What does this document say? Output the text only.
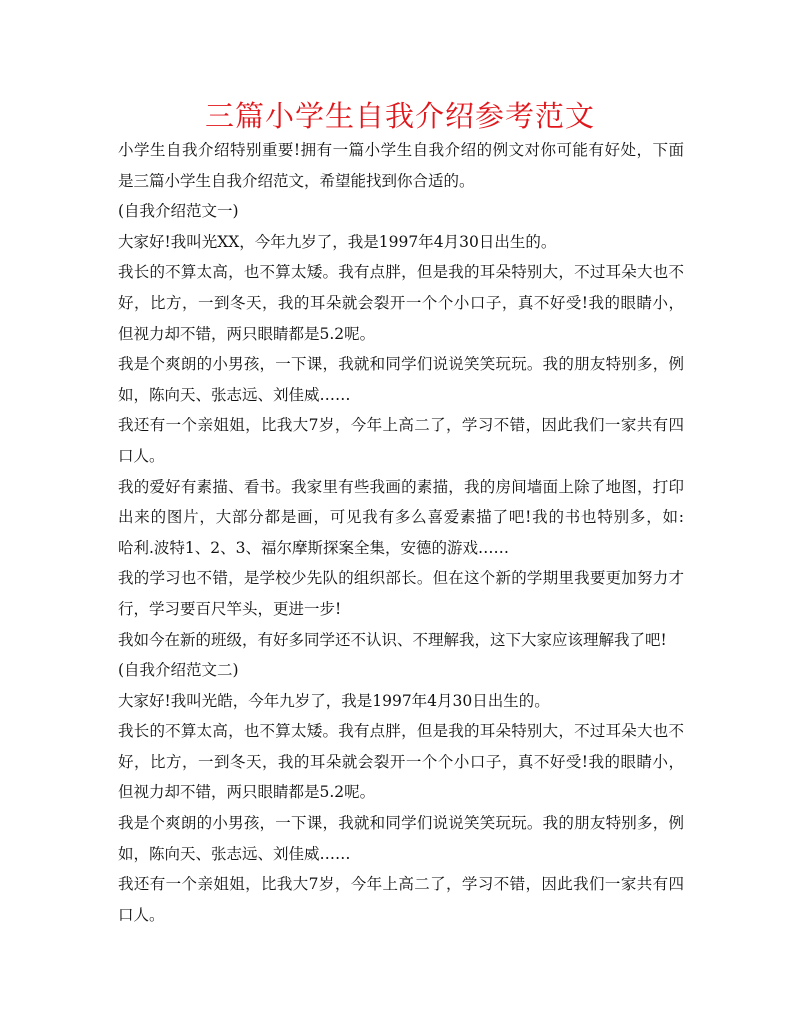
三篇小学生自我介绍参考范文

小学生自我介绍特别重要!拥有一篇小学生自我介绍的例文对你可能有好处，下面
是三篇小学生自我介绍范文，希望能找到你合适的。

(自我介绍范文一)

大家好!我叫光XX，今年九岁了，我是1997年4月30日出生的。

我长的不算太高，也不算太矮。我有点胖，但是我的耳朵特别大，不过耳朵大也不
好，比方，一到冬天，我的耳朵就会裂开一个个小口子，真不好受!我的眼睛小，
但视力却不错，两只眼睛都是5.2呢。

我是个爽朗的小男孩，一下课，我就和同学们说说笑笑玩玩。我的朋友特别多，例
如，陈向天、张志远、刘佳威……

我还有一个亲姐姐，比我大7岁，今年上高二了，学习不错，因此我们一家共有四
口人。

我的爱好有素描、看书。我家里有些我画的素描，我的房间墙面上除了地图，打印
出来的图片，大部分都是画，可见我有多么喜爱素描了吧!我的书也特别多，如:
哈利.波特1、2、3、福尔摩斯探案全集，安德的游戏……

我的学习也不错，是学校少先队的组织部长。但在这个新的学期里我要更加努力才
行，学习要百尺竿头，更进一步!

我如今在新的班级，有好多同学还不认识、不理解我，这下大家应该理解我了吧!

(自我介绍范文二)

大家好!我叫光皓，今年九岁了，我是1997年4月30日出生的。

我长的不算太高，也不算太矮。我有点胖，但是我的耳朵特别大，不过耳朵大也不
好，比方，一到冬天，我的耳朵就会裂开一个个小口子，真不好受!我的眼睛小，
但视力却不错，两只眼睛都是5.2呢。

我是个爽朗的小男孩，一下课，我就和同学们说说笑笑玩玩。我的朋友特别多，例
如，陈向天、张志远、刘佳威……

我还有一个亲姐姐，比我大7岁，今年上高二了，学习不错，因此我们一家共有四
口人。
